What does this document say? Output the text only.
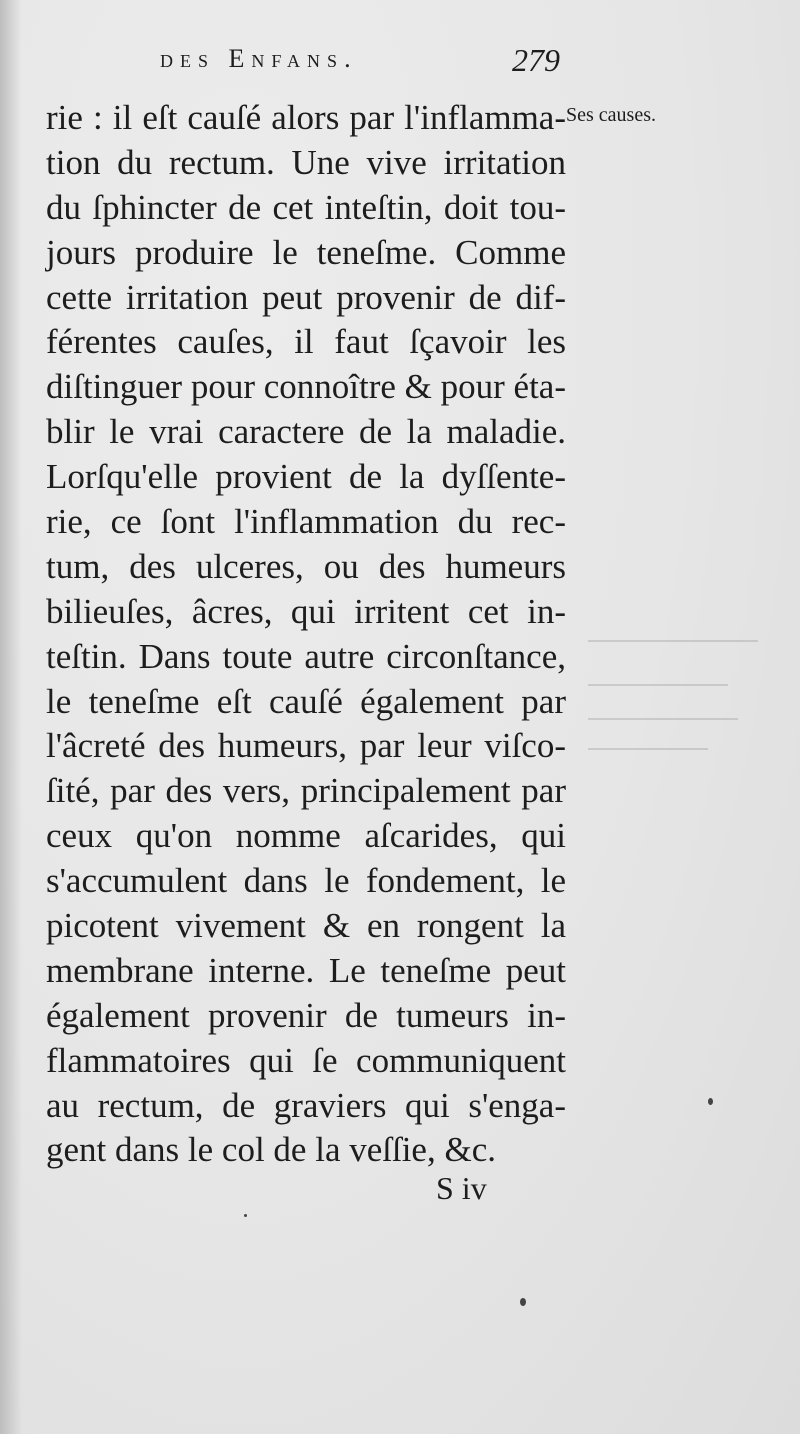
des Enfans.	279
Ses causes.
rie : il eſt cauſé alors par l'inflamma-
tion du rectum. Une vive irritation
du ſphincter de cet inteſtin, doit tou-
jours produire le teneſme. Comme
cette irritation peut provenir de dif-
férentes cauſes, il faut ſçavoir les
diſtinguer pour connoître & pour éta-
blir le vrai caractere de la maladie.
Lorſqu'elle provient de la dyſſente-
rie, ce ſont l'inflammation du rec-
tum, des ulceres, ou des humeurs
bilieuſes, âcres, qui irritent cet in-
teſtin. Dans toute autre circonſtance,
le teneſme eſt cauſé également par
l'âcreté des humeurs, par leur viſco-
ſité, par des vers, principalement par
ceux qu'on nomme aſcarides, qui
s'accumulent dans le fondement, le
picotent vivement & en rongent la
membrane interne. Le teneſme peut
également provenir de tumeurs in-
flammatoires qui ſe communiquent
au rectum, de graviers qui s'enga-
gent dans le col de la veſſie, &c.
S iv
